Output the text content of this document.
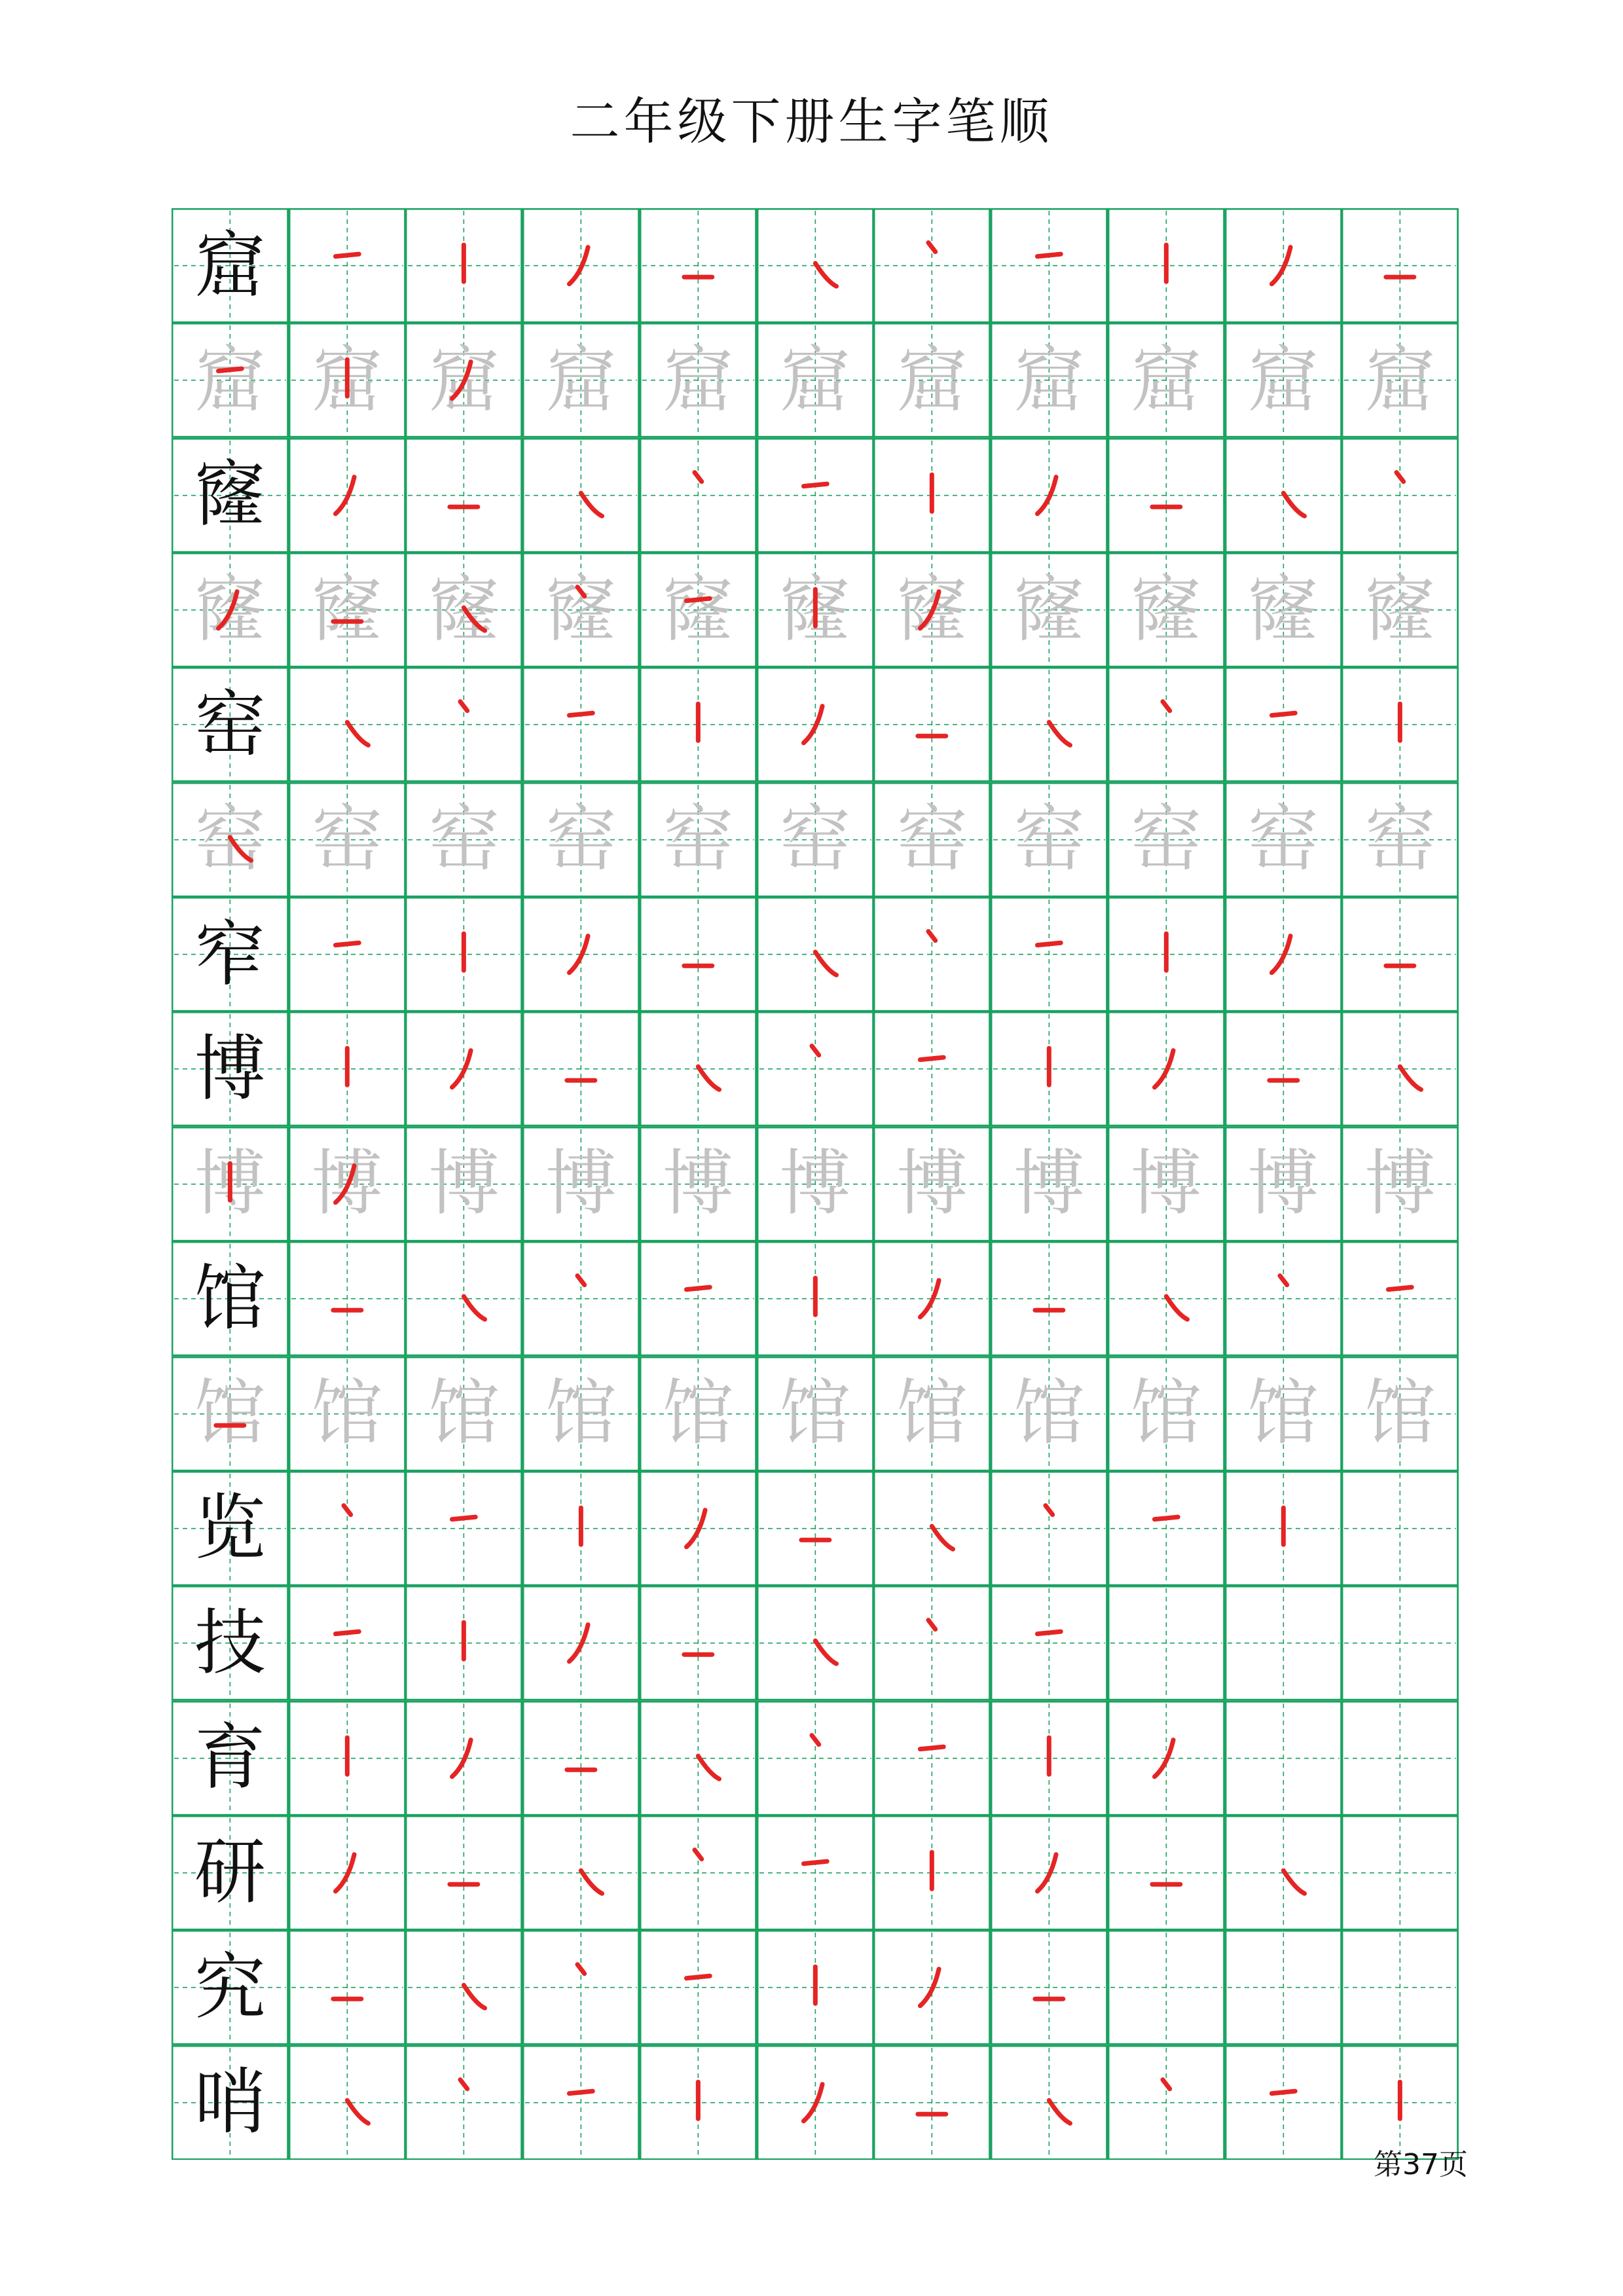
二年级下册生字笔顺
窟
窟 窟 窟 窟 窟 窟 窟 窟 窟 窟 窟
窿
窿 窿 窿 窿 窿 窿 窿 窿 窿 窿 窿
窑
窑 窑 窑 窑 窑 窑 窑 窑 窑 窑 窑
窄
博
博 博 博 博 博 博 博 博 博 博 博
馆
馆 馆 馆 馆 馆 馆 馆 馆 馆 馆 馆
览
技
育
研
究
哨
第37页
